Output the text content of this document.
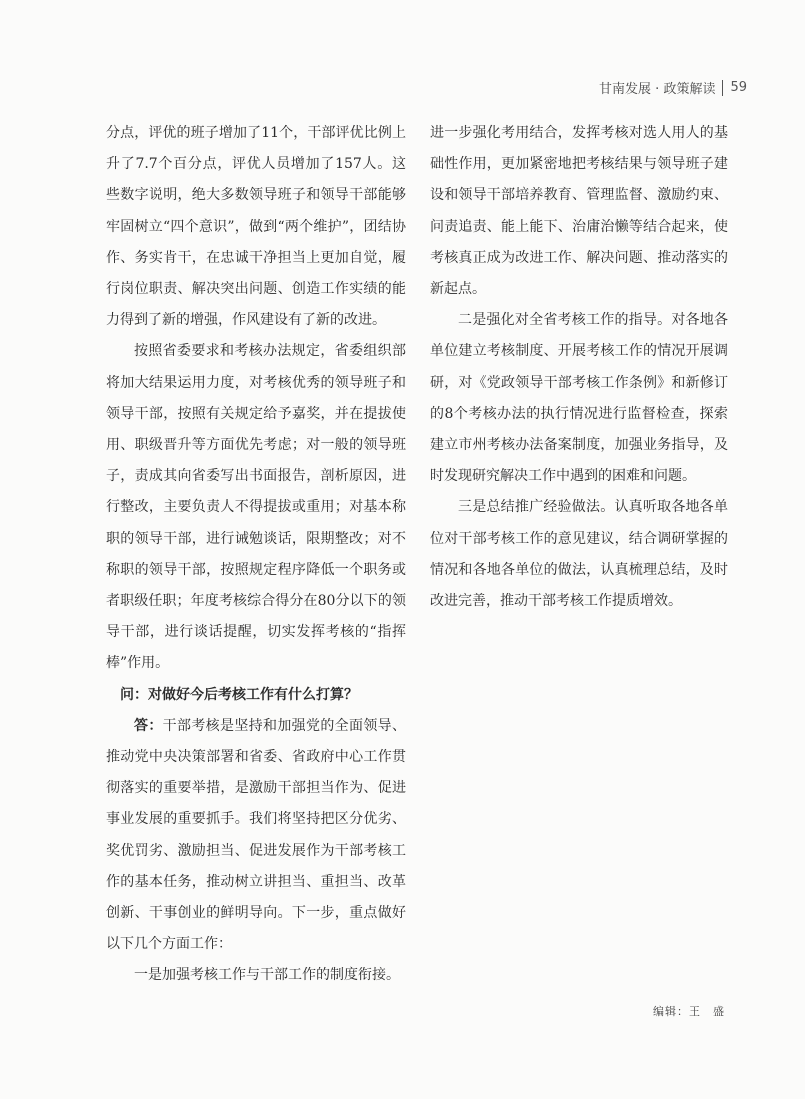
甘南发展 · 政策解读 59

分点，评优的班子增加了11个，干部评优比例上升了7.7个百分点，评优人员增加了157人。这些数字说明，绝大多数领导班子和领导干部能够牢固树立“四个意识”，做到“两个维护”，团结协作、务实肯干，在忠诚干净担当上更加自觉，履行岗位职责、解决突出问题、创造工作实绩的能力得到了新的增强，作风建设有了新的改进。

按照省委要求和考核办法规定，省委组织部将加大结果运用力度，对考核优秀的领导班子和领导干部，按照有关规定给予嘉奖，并在提拔使用、职级晋升等方面优先考虑；对一般的领导班子，责成其向省委写出书面报告，剖析原因，进行整改，主要负责人不得提拔或重用；对基本称职的领导干部，进行诫勉谈话，限期整改；对不称职的领导干部，按照规定程序降低一个职务或者职级任职；年度考核综合得分在80分以下的领导干部，进行谈话提醒，切实发挥考核的“指挥棒”作用。

问：对做好今后考核工作有什么打算？

答：干部考核是坚持和加强党的全面领导、推动党中央决策部署和省委、省政府中心工作贯彻落实的重要举措，是激励干部担当作为、促进事业发展的重要抓手。我们将坚持把区分优劣、奖优罚劣、激励担当、促进发展作为干部考核工作的基本任务，推动树立讲担当、重担当、改革创新、干事创业的鲜明导向。下一步，重点做好以下几个方面工作：

一是加强考核工作与干部工作的制度衔接。

进一步强化考用结合，发挥考核对选人用人的基础性作用，更加紧密地把考核结果与领导班子建设和领导干部培养教育、管理监督、激励约束、问责追责、能上能下、治庸治懒等结合起来，使考核真正成为改进工作、解决问题、推动落实的新起点。

二是强化对全省考核工作的指导。对各地各单位建立考核制度、开展考核工作的情况开展调研，对《党政领导干部考核工作条例》和新修订的8个考核办法的执行情况进行监督检查，探索建立市州考核办法备案制度，加强业务指导，及时发现研究解决工作中遇到的困难和问题。

三是总结推广经验做法。认真听取各地各单位对干部考核工作的意见建议，结合调研掌握的情况和各地各单位的做法，认真梳理总结，及时改进完善，推动干部考核工作提质增效。

编辑：王　盛
